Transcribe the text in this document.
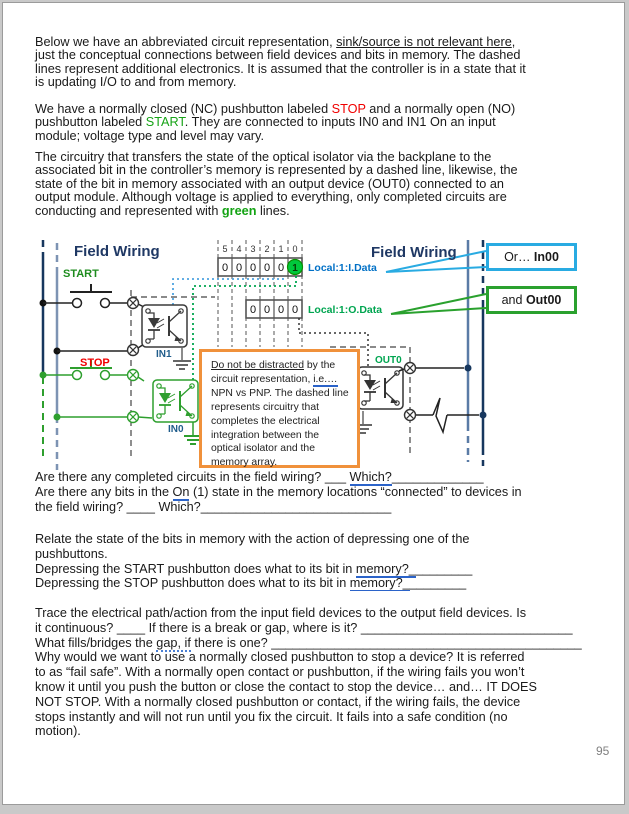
Below we have an abbreviated circuit representation, sink/source is not relevant here,
just the conceptual connections between field devices and bits in memory. The dashed
lines represent additional electronics. It is assumed that the controller is in a state that it
is updating I/O to and from memory.
We have a normally closed (NC) pushbutton labeled STOP and a normally open (NO)
pushbutton labeled START. They are connected to inputs IN0 and IN1 On an input
module; voltage type and level may vary.
The circuitry that transfers the state of the optical isolator via the backplane to the
associated bit in the controller’s memory is represented by a dashed line, likewise, the
state of the bit in memory associated with an output device (OUT0) connected to an
output module. Although voltage is applied to everything, only completed circuits are
conducting and represented with green lines.
5 4 3 2 1 0
0 0 0 0 0 1 Local:1:I.Data
0 0 0 0 Local:1:O.Data
IN1
IN0
OUT0
Field Wiring	Field Wiring
START
STOP
Or… In00
and Out00
Do not be distracted by the
circuit representation, i.e.…
NPN vs PNP. The dashed line
represents circuitry that
completes the electrical
integration between the
optical isolator and the
memory array.
Are there any completed circuits in the field wiring? ___ Which?_____________
Are there any bits in the On (1) state in the memory locations “connected” to devices in
the field wiring? ____ Which?___________________________
Relate the state of the bits in memory with the action of depressing one of the
pushbuttons.
Depressing the START pushbutton does what to its bit in memory?_________
Depressing the STOP pushbutton does what to its bit in memory?_________
Trace the electrical path/action from the input field devices to the output field devices. Is
it continuous? ____ If there is a break or gap, where is it? ______________________________
What fills/bridges the gap, if there is one? ____________________________________________
Why would we want to use a normally closed pushbutton to stop a device? It is referred
to as “fail safe”. With a normally open contact or pushbutton, if the wiring fails you won’t
know it until you push the button or close the contact to stop the device… and… IT DOES
NOT STOP. With a normally closed pushbutton or contact, if the wiring fails, the device
stops instantly and will not run until you fix the circuit. It fails into a safe condition (no
motion).
95
